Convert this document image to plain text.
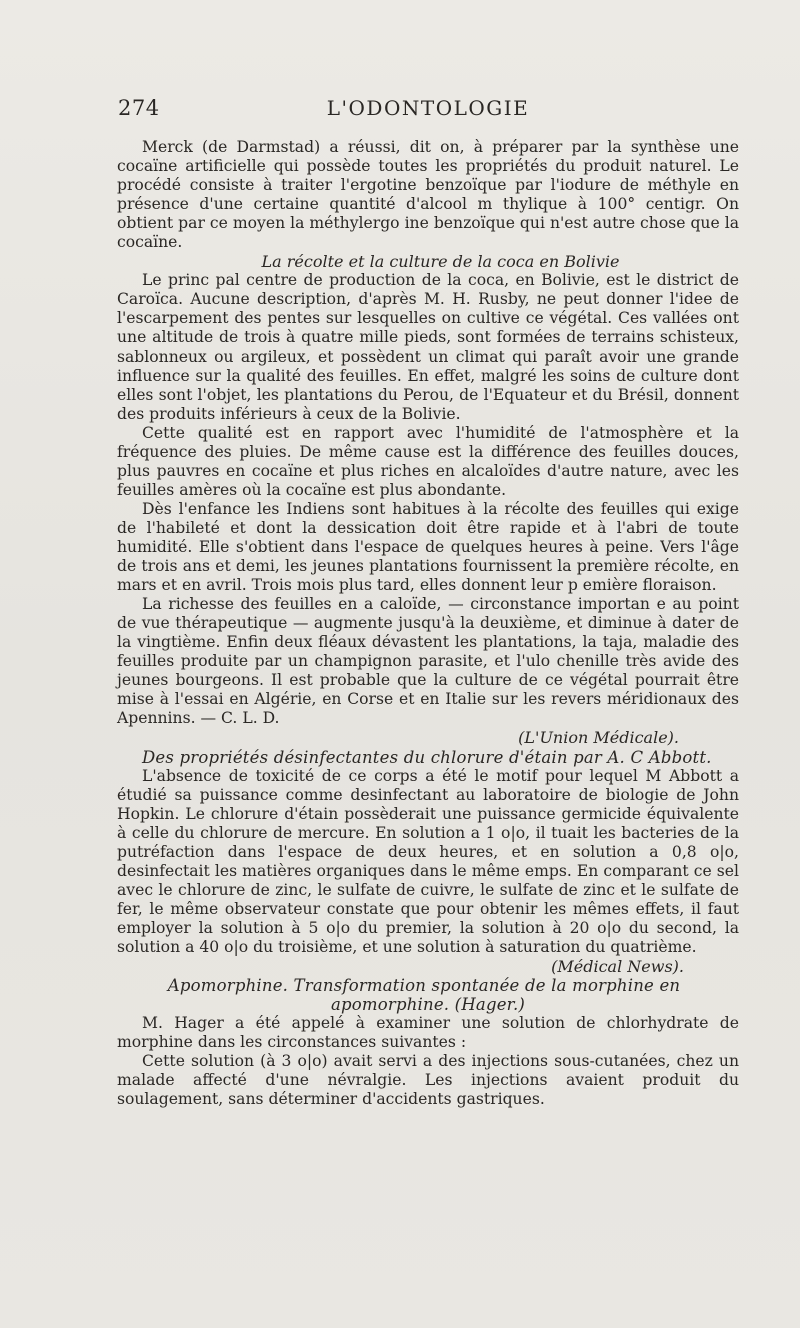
274	L'ODONTOLOGIE

Merck (de Darmstad) a réussi, dit on, à préparer par la synthèse une cocaïne artificielle qui possède toutes les propriétés du produit naturel. Le procédé consiste à traiter l'ergotine benzoïque par l'iodure de méthyle en présence d'une certaine quantité d'alcool m thylique à 100° centigr. On obtient par ce moyen la méthylergo ine benzoïque qui n'est autre chose que la cocaïne.

La récolte et la culture de la coca en Bolivie

Le princ pal centre de production de la coca, en Bolivie, est le district de Caroïca. Aucune description, d'après M. H. Rusby, ne peut donner l'idee de l'escarpement des pentes sur lesquelles on cultive ce végétal. Ces vallées ont une altitude de trois à quatre mille pieds, sont formées de terrains schisteux, sablonneux ou argileux, et possèdent un climat qui paraît avoir une grande influence sur la qualité des feuilles. En effet, malgré les soins de culture dont elles sont l'objet, les plantations du Perou, de l'Equateur et du Brésil, donnent des produits inférieurs à ceux de la Bolivie.

Cette qualité est en rapport avec l'humidité de l'atmosphère et la fréquence des pluies. De même cause est la différence des feuilles douces, plus pauvres en cocaïne et plus riches en alcaloïdes d'autre nature, avec les feuilles amères où la cocaïne est plus abondante.

Dès l'enfance les Indiens sont habitues à la récolte des feuilles qui exige de l'habileté et dont la dessication doit être rapide et à l'abri de toute humidité. Elle s'obtient dans l'espace de quelques heures à peine. Vers l'âge de trois ans et demi, les jeunes plantations fournissent la première récolte, en mars et en avril. Trois mois plus tard, elles donnent leur p emière floraison.

La richesse des feuilles en a caloïde, — circonstance importan e au point de vue thérapeutique — augmente jusqu'à la deuxième, et diminue à dater de la vingtième. Enfin deux fléaux dévastent les plantations, la taja, maladie des feuilles produite par un champignon parasite, et l'ulo chenille très avide des jeunes bourgeons. Il est probable que la culture de ce végétal pourrait être mise à l'essai en Algérie, en Corse et en Italie sur les revers méridionaux des Apennins. — C. L. D.

(L'Union Médicale).

Des propriétés désinfectantes du chlorure d'étain par A. C Abbott.

L'absence de toxicité de ce corps a été le motif pour lequel M Abbott a étudié sa puissance comme desinfectant au laboratoire de biologie de John Hopkin. Le chlorure d'étain possèderait une puissance germicide équivalente à celle du chlorure de mercure. En solution a 1 o|o, il tuait les bacteries de la putréfaction dans l'espace de deux heures, et en solution a 0,8 o|o, desinfectait les matières organiques dans le même emps. En comparant ce sel avec le chlorure de zinc, le sulfate de cuivre, le sulfate de zinc et le sulfate de fer, le même observateur constate que pour obtenir les mêmes effets, il faut employer la solution à 5 o|o du premier, la solution à 20 o|o du second, la solution a 40 o|o du troisième, et une solution à saturation du quatrième.

(Médical News).

Apomorphine. Transformation spontanée de la morphine en apomorphine. (Hager.)

M. Hager a été appelé à examiner une solution de chlorhydrate de morphine dans les circonstances suivantes :

Cette solution (à 3 o|o) avait servi a des injections sous-cutanées, chez un malade affecté d'une névralgie. Les injections avaient produit du soulagement, sans déterminer d'accidents gastriques.
